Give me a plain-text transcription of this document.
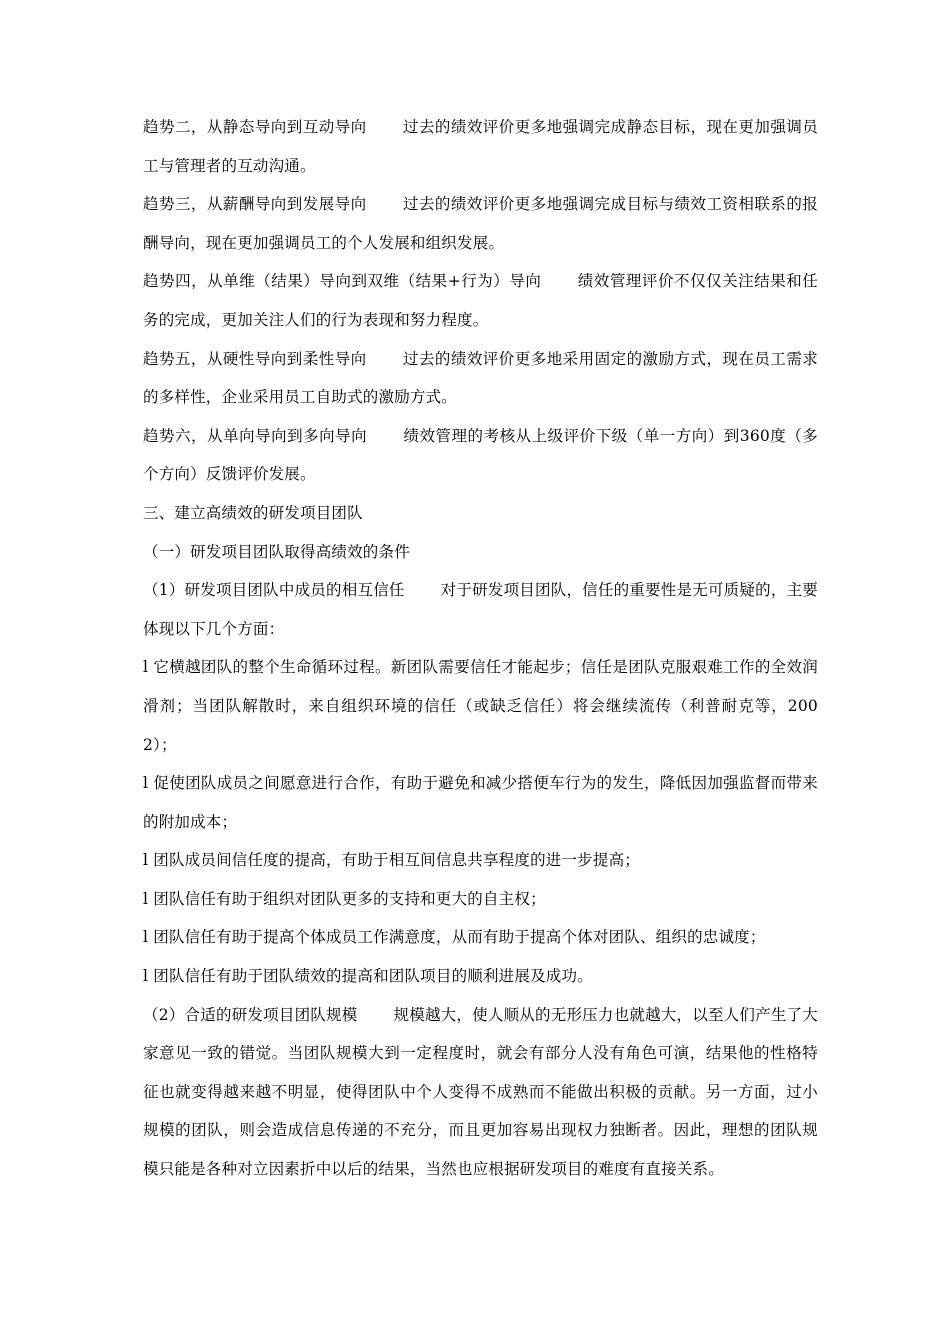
趋势二，从静态导向到互动导向 过去的绩效评价更多地强调完成静态目标，现在更加强调员工与管理者的互动沟通。

趋势三，从薪酬导向到发展导向 过去的绩效评价更多地强调完成目标与绩效工资相联系的报酬导向，现在更加强调员工的个人发展和组织发展。

趋势四，从单维（结果）导向到双维（结果+行为）导向 绩效管理评价不仅仅关注结果和任务的完成，更加关注人们的行为表现和努力程度。

趋势五，从硬性导向到柔性导向 过去的绩效评价更多地采用固定的激励方式，现在员工需求的多样性，企业采用员工自助式的激励方式。

趋势六，从单向导向到多向导向 绩效管理的考核从上级评价下级（单一方向）到360度（多个方向）反馈评价发展。

三、建立高绩效的研发项目团队

（一）研发项目团队取得高绩效的条件

（1）研发项目团队中成员的相互信任 对于研发项目团队，信任的重要性是无可质疑的，主要体现以下几个方面：

l 它横越团队的整个生命循环过程。新团队需要信任才能起步；信任是团队克服艰难工作的全效润滑剂；当团队解散时，来自组织环境的信任（或缺乏信任）将会继续流传（利普耐克等，2002）；

l 促使团队成员之间愿意进行合作，有助于避免和减少搭便车行为的发生，降低因加强监督而带来的附加成本；

l 团队成员间信任度的提高，有助于相互间信息共享程度的进一步提高；

l 团队信任有助于组织对团队更多的支持和更大的自主权；

l 团队信任有助于提高个体成员工作满意度，从而有助于提高个体对团队、组织的忠诚度；

l 团队信任有助于团队绩效的提高和团队项目的顺利进展及成功。

（2）合适的研发项目团队规模 规模越大，使人顺从的无形压力也就越大，以至人们产生了大家意见一致的错觉。当团队规模大到一定程度时，就会有部分人没有角色可演，结果他的性格特征也就变得越来越不明显，使得团队中个人变得不成熟而不能做出积极的贡献。另一方面，过小规模的团队，则会造成信息传递的不充分，而且更加容易出现权力独断者。因此，理想的团队规模只能是各种对立因素折中以后的结果，当然也应根据研发项目的难度有直接关系。
